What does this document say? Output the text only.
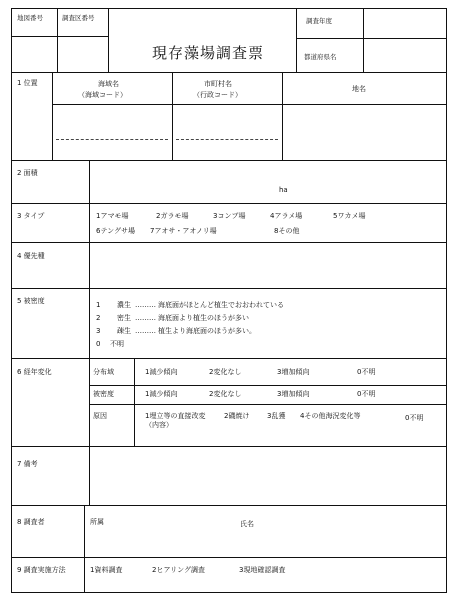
地図番号	調査区番号
現存藻場調査票
調査年度
都道府県名
1 位置	海域名
（海域コード）
市町村名
（行政コード）
地名
2 面積
ha
3 タイプ	1アマモ場	2ガラモ場	3コンブ場	4アラメ場	5ワカメ場
6テングサ場 7アオサ・アオノリ場	8その他
4 優先種
5 被密度	1 濃生 ……… 海底面がほとんど植生でおおわれている
2 密生 ……… 海底面より植生のほうが多い
3 疎生 ……… 植生より海底面のほうが多い。
0 不明
6 経年変化	分布域	1減少傾向	2変化なし	3増加傾向	0不明
被密度	1減少傾向	2変化なし	3増加傾向	0不明
原因	1埋立等の直接改変	2磯焼け	3乱獲 4その他海況変化等	0不明
（内容）
7 備考
8 調査者	所属	氏名
9 調査実施方法	1資料調査	2ヒアリング調査	3現地確認調査
